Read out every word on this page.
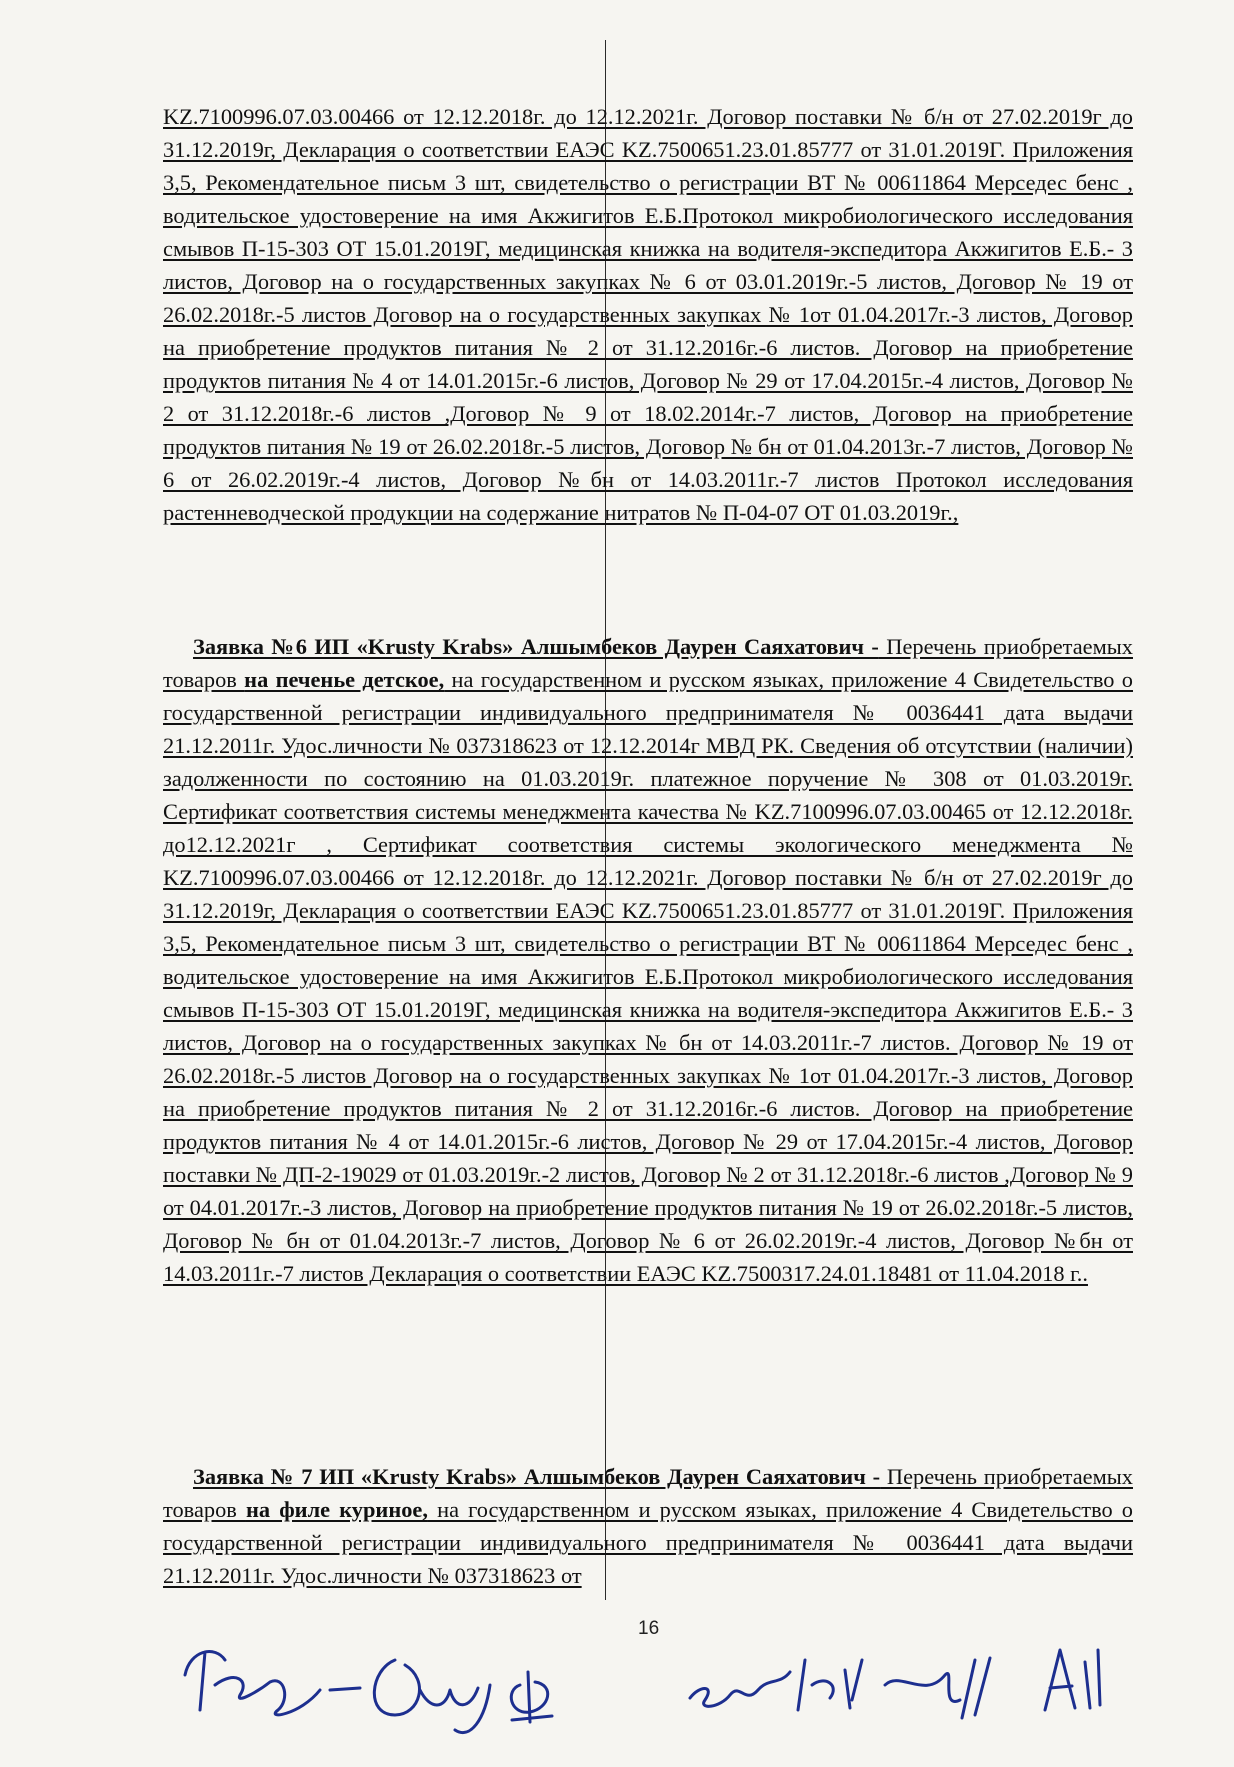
KZ.7100996.07.03.00466 от 12.12.2018г. до 12.12.2021г. Договор поставки № б/н от 27.02.2019г до 31.12.2019г, Декларация о соответствии ЕАЭС KZ.7500651.23.01.85777 от 31.01.2019Г. Приложения 3,5, Рекомендательное письм 3 шт, свидетельство о регистрации ВТ № 00611864 Мерседес бенс , водительское удостоверение на имя Акжигитов Е.Б.Протокол микробиологического исследования смывов П-15-303 ОТ 15.01.2019Г, медицинская книжка на водителя-экспедитора Акжигитов Е.Б.- 3 листов, Договор на о государственных закупках № 6 от 03.01.2019г.-5 листов, Договор № 19 от 26.02.2018г.-5 листов Договор на о государственных закупках № 1от 01.04.2017г.-3 листов, Договор на приобретение продуктов питания № 2 от 31.12.2016г.-6 листов. Договор на приобретение продуктов питания № 4 от 14.01.2015г.-6 листов, Договор № 29 от 17.04.2015г.-4 листов, Договор № 2 от 31.12.2018г.-6 листов ,Договор № 9 от 18.02.2014г.-7 листов, Договор на приобретение продуктов питания № 19 от 26.02.2018г.-5 листов, Договор № бн от 01.04.2013г.-7 листов, Договор № 6 от 26.02.2019г.-4 листов, Договор №бн от 14.03.2011г.-7 листов Протокол исследования растенневодческой продукции на содержание нитратов № П-04-07 ОТ 01.03.2019г.,

Заявка №6 ИП «Krusty Krabs» Алшымбеков Даурен Саяхатович - Перечень приобретаемых товаров на печенье детское, на государственном и русском языках, приложение 4 Свидетельство о государственной регистрации индивидуального предпринимателя № 0036441 дата выдачи 21.12.2011г. Удос.личности № 037318623 от 12.12.2014г МВД РК. Сведения об отсутствии (наличии) задолженности по состоянию на 01.03.2019г. платежное поручение № 308 от 01.03.2019г. Сертификат соответствия системы менеджмента качества № KZ.7100996.07.03.00465 от 12.12.2018г. до12.12.2021г , Сертификат соответствия системы экологического менеджмента № KZ.7100996.07.03.00466 от 12.12.2018г. до 12.12.2021г. Договор поставки № б/н от 27.02.2019г до 31.12.2019г, Декларация о соответствии ЕАЭС KZ.7500651.23.01.85777 от 31.01.2019Г. Приложения 3,5, Рекомендательное письм 3 шт, свидетельство о регистрации ВТ № 00611864 Мерседес бенс , водительское удостоверение на имя Акжигитов Е.Б.Протокол микробиологического исследования смывов П-15-303 ОТ 15.01.2019Г, медицинская книжка на водителя-экспедитора Акжигитов Е.Б.- 3 листов, Договор на о государственных закупках № бн от 14.03.2011г.-7 листов. Договор № 19 от 26.02.2018г.-5 листов Договор на о государственных закупках № 1от 01.04.2017г.-3 листов, Договор на приобретение продуктов питания № 2 от 31.12.2016г.-6 листов. Договор на приобретение продуктов питания № 4 от 14.01.2015г.-6 листов, Договор № 29 от 17.04.2015г.-4 листов, Договор поставки № ДП-2-19029 от 01.03.2019г.-2 листов, Договор № 2 от 31.12.2018г.-6 листов ,Договор № 9 от 04.01.2017г.-3 листов, Договор на приобретение продуктов питания № 19 от 26.02.2018г.-5 листов, Договор № бн от 01.04.2013г.-7 листов, Договор № 6 от 26.02.2019г.-4 листов, Договор №бн от 14.03.2011г.-7 листов Декларация о соответствии ЕАЭС KZ.7500317.24.01.18481 от 11.04.2018 г..

Заявка № 7 ИП «Krusty Krabs» Алшымбеков Даурен Саяхатович - Перечень приобретаемых товаров на филе куриное, на государственном и русском языках, приложение 4 Свидетельство о государственной регистрации индивидуального предпринимателя № 0036441 дата выдачи 21.12.2011г. Удос.личности № 037318623 от

16
